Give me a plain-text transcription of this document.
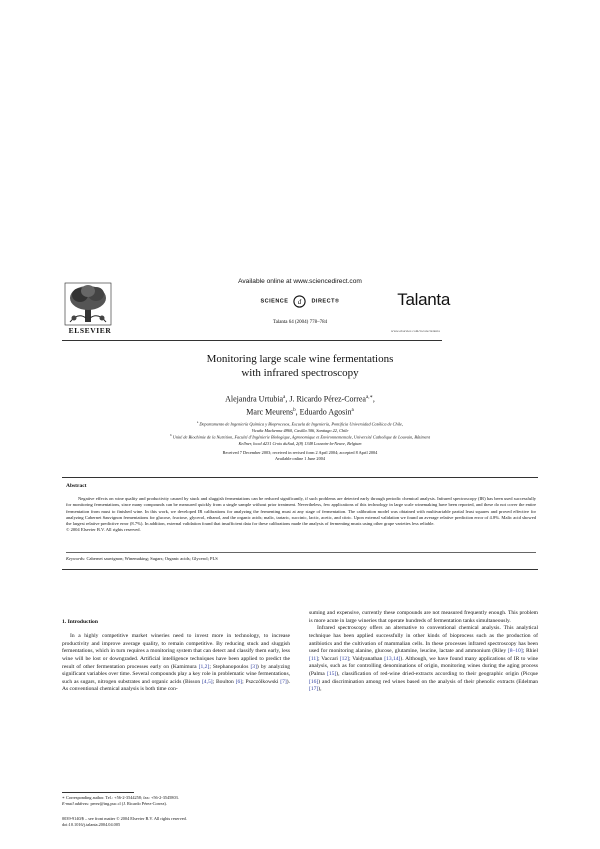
ELSEVIER
Available online at www.sciencedirect.com
SCIENCE d DIRECT®
Talanta 64 (2004) 778–784
Talanta
www.elsevier.com/locate/talanta
Monitoring large scale wine fermentations
with infrared spectroscopy
Alejandra Urtubia$^a$, J. Ricardo Pérez-Correa$^{a,∗}$,
Marc Meurens$^b$, Eduardo Agosin$^a$
$^a$ Departamento de Ingeniería Química y Bioprocesos, Escuela de Ingeniería, Pontificia Universidad Católica de Chile,
Vicuña Mackenna 4860, Casilla 306, Santiago 22, Chile
$^b$ Unité de Biochimie de la Nutrition, Faculté d’Ingénierie Biologique, Agronomique et Environnementale, Université Catholique de Louvain, Bâtiment
Kellner, local d231 Croix duSud, 2(8) 1348 Louvain-la-Neuve, Belgium
Received 7 December 2003; received in revised form 2 April 2004; accepted 8 April 2004
Available online 1 June 2004
Abstract
Negative effects on wine quality and productivity caused by stuck and sluggish fermentations can be reduced significantly, if such problems are detected early through periodic chemical analysis. Infrared spectroscopy (IR) has been used successfully for monitoring fermentations, since many compounds can be measured quickly from a single sample without prior treatment. Nevertheless, few applications of this technology in large scale winemaking have been reported, and these do not cover the entire fermentation from must to finished wine. In this work, we developed IR calibrations for analyzing the fermenting must at any stage of fermentation. The calibration model was obtained with multivariable partial least squares and proved effective for analyzing Cabernet Sauvignon fermentations for glucose, fructose, glycerol, ethanol, and the organic acids; malic, tartaric, succinic, lactic, acetic, and citric. Upon external validation we found an average relative prediction error of 4.8%. Malic acid showed the largest relative predictive error (8.7%). In addition, external validation found that insufficient data for these calibrations made the analysis of fermenting musts using other grape varieties less reliable.
© 2004 Elsevier B.V. All rights reserved.
Keywords: Cabernet sauvignon; Winemaking; Sugars; Organic acids; Glycerol; PLS
1. Introduction

In a highly competitive market wineries need to invest more in technology, to increase productivity and improve average quality, to remain competitive. By reducing stuck and sluggish fermentations, which in turn requires a monitoring system that can detect and classify them early, less wine will be lost or downgraded. Artificial intelligence techniques have been applied to predict the result of other fermentation processes early on (Kamimura [1,2]; Stephanopoulos [3]) by analyzing significant variables over time. Several compounds play a key role in problematic wine fermentations, such as sugars, nitrogen substrates and organic acids (Bisson [4,5]; Boulton [6]; Pszczólkowski [7]). As conventional chemical analysis is both time con-

suming and expensive, currently these compounds are not measured frequently enough. This problem is more acute in large wineries that operate hundreds of fermentation tanks simultaneously.

Infrared spectroscopy offers an alternative to conventional chemical analysis. This analytical technique has been applied successfully in other kinds of bioprocess such as the production of antibiotics and the cultivation of mammalian cells. In these processes infrared spectroscopy has been used for monitoring alanine, glucose, glutamine, leucine, lactate and ammonium (Riley [8–10]; Rhiel [11]; Vaccari [12]; Vaidyanathan [13,14]). Although, we have found many applications of IR to wine analysis, such as for controlling denominations of origin, monitoring wines during the aging process (Palma [15]), classification of red-wine dried-extracts according to their geographic origin (Picque [16]) and discrimination among red wines based on the analysis of their phenolic extracts (Edelman [17]),

∗ Corresponding author. Tel.: +56-2-3544258; fax: +56-2-3545803.
E-mail address: perez@ing.puc.cl (J. Ricardo Pérez-Correa).
0039-9140/$ – see front matter © 2004 Elsevier B.V. All rights reserved.
doi:10.1016/j.talanta.2004.04.005
